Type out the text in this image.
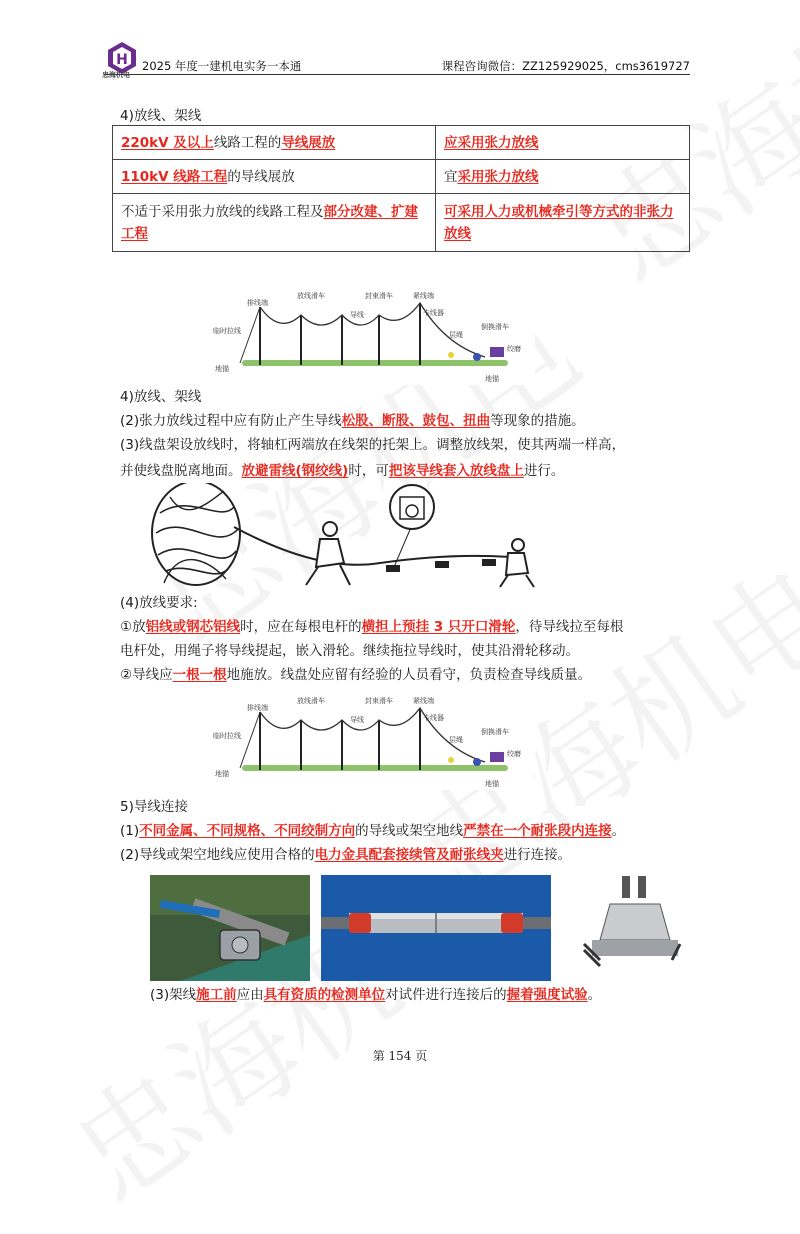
H
忠海机电
2025 年度一建机电实务一本通	课程咨询微信：ZZ125929025，cms3619727
4)放线、架线
220kV 及以上线路工程的导线展放	应采用张力放线
110kV 线路工程的导线展放	宜采用张力放线
不适于采用张力放线的线路工程及部分改建、扩建工程	可采用人力或机械牵引等方式的非张力放线
排线端
放线滑车	封束滑车	紧线端
临时拉线
导线	卡线器
层绳
倒换滑车
绞磨
地锚
地锚
4)放线、架线
(2)张力放线过程中应有防止产生导线松股、断股、鼓包、扭曲等现象的措施。
(3)线盘架设放线时，将轴杠两端放在线架的托架上。调整放线架，使其两端一样高，
并使线盘脱离地面。放避雷线(钢绞线)时，可把该导线套入放线盘上进行。
(4)放线要求:
①放铝线或钢芯铝线时，应在每根电杆的横担上预挂 3 只开口滑轮，待导线拉至每根
电杆处，用绳子将导线提起，嵌入滑轮。继续拖拉导线时，使其沿滑轮移动。
②导线应一根一根地施放。线盘处应留有经验的人员看守，负责检查导线质量。
排线端
放线滑车	封束滑车	紧线端
临时拉线
导线	卡线器
层绳
倒换滑车
绞磨
地锚
地锚
5)导线连接
(1)不同金属、不同规格、不同绞制方向的导线或架空地线严禁在一个耐张段内连接。
(2)导线或架空地线应使用合格的电力金具配套接续管及耐张线夹进行连接。
(3)架线施工前应由具有资质的检测单位对试件进行连接后的握着强度试验。
第 154 页
